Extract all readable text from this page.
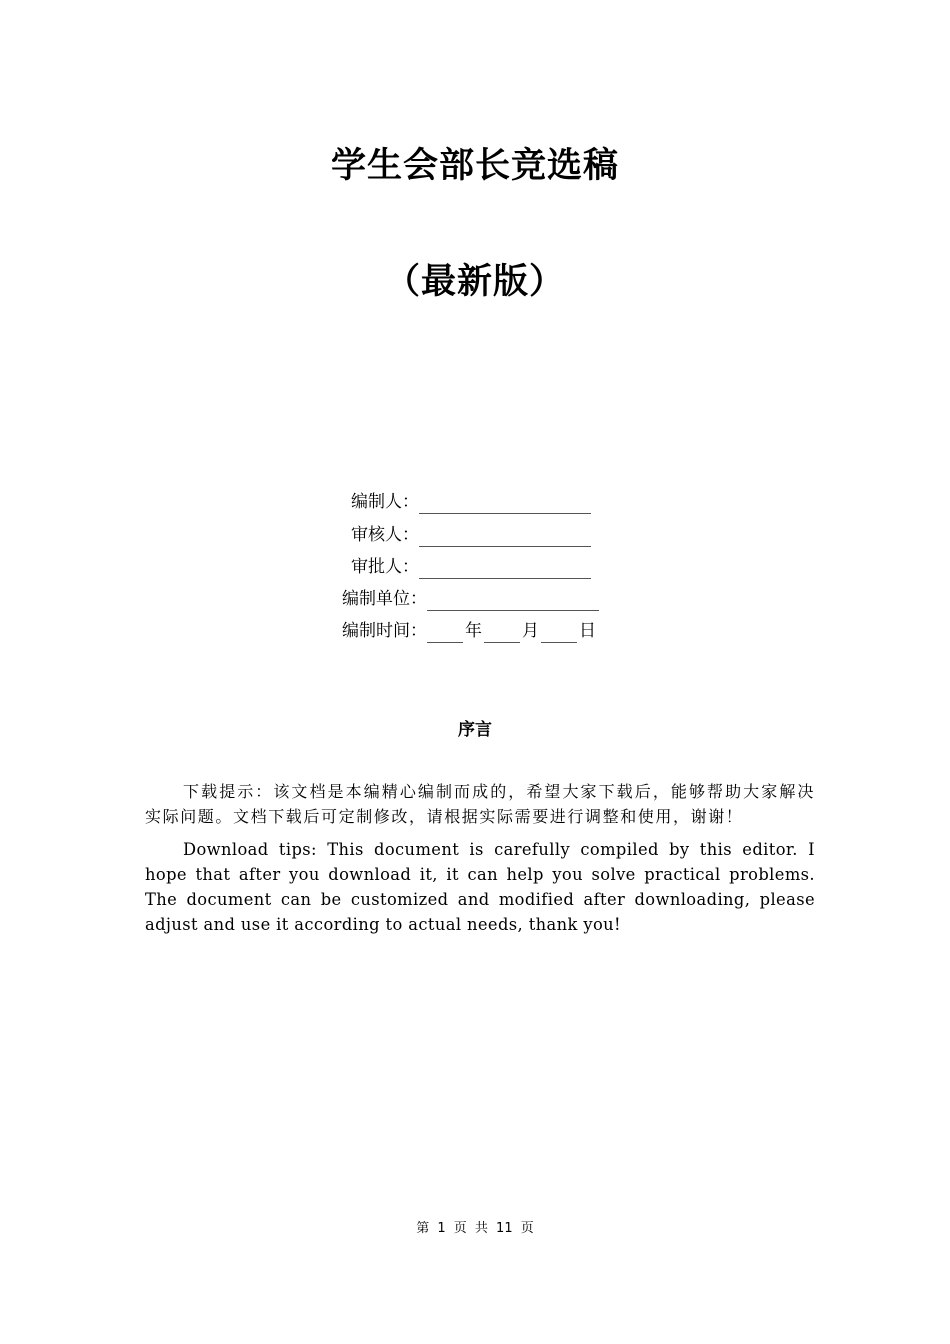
学生会部长竞选稿
（最新版）
编制人：
审核人：
审批人：
编制单位：
编制时间： 年 月 日
序言
下载提示：该文档是本编精心编制而成的，希望大家下载后，能够帮助大家解决实际问题。文档下载后可定制修改，请根据实际需要进行调整和使用，谢谢！
Download tips: This document is carefully compiled by this editor. I hope that after you download it, it can help you solve practical problems. The document can be customized and modified after downloading, please adjust and use it according to actual needs, thank you!
第 1 页 共 11 页
